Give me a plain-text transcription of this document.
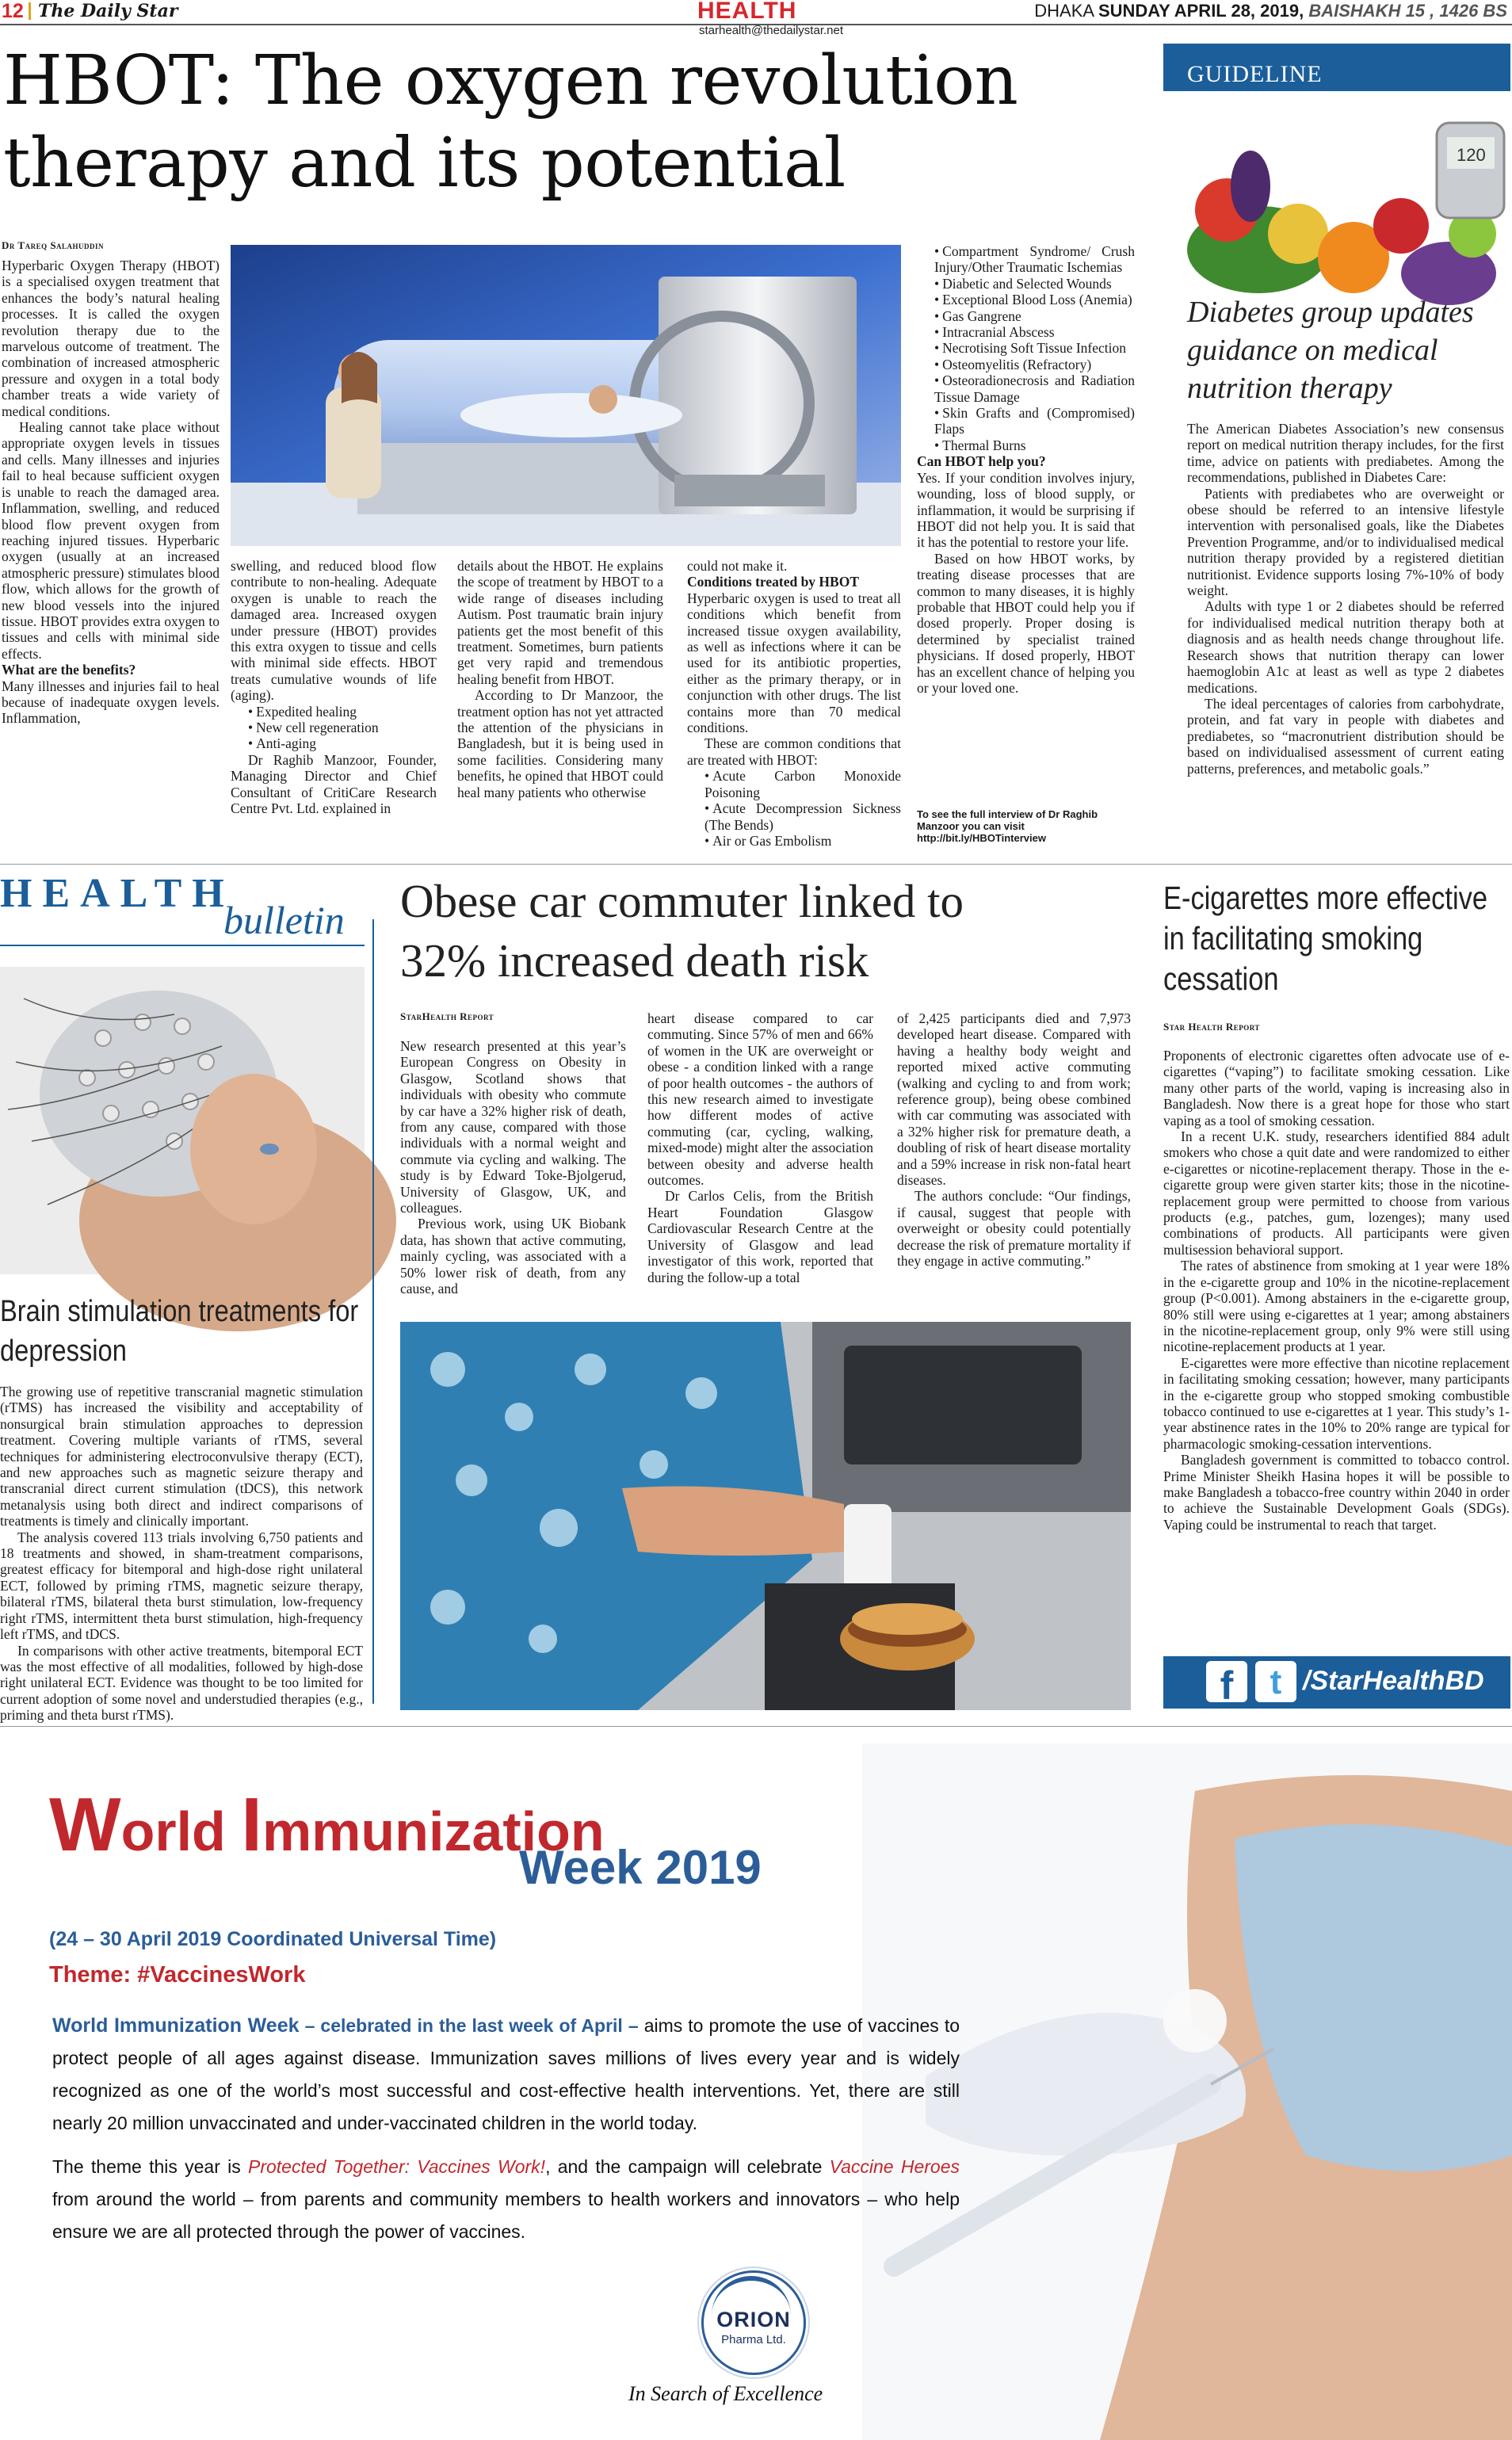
12 The Daily Star	HEALTH
starhealth@thedailystar.net
DHAKA SUNDAY APRIL 28, 2019, BAISHAKH 15 , 1426 BS
HBOT: The oxygen revolution
therapy and its potential
Dr Tareq Salahuddin

Hyperbaric Oxygen Therapy (HBOT) is a specialised oxygen treatment that enhances the body’s natural healing processes. It is called the oxygen revolution therapy due to the marvelous outcome of treatment. The combination of increased atmospheric pressure and oxygen in a total body chamber treats a wide variety of medical conditions.

Healing cannot take place without appropriate oxygen levels in tissues and cells. Many illnesses and injuries fail to heal because sufficient oxygen is unable to reach the damaged area. Inflammation, swelling, and reduced blood flow prevent oxygen from reaching injured tissues. Hyperbaric oxygen (usually at an increased atmospheric pressure) stimulates blood flow, which allows for the growth of new blood vessels into the injured tissue. HBOT provides extra oxygen to tissues and cells with minimal side effects.

What are the benefits?

Many illnesses and injuries fail to heal because of inadequate oxygen levels. Inflammation,

swelling, and reduced blood flow contribute to non-healing. Adequate oxygen is unable to reach the damaged area. Increased oxygen under pressure (HBOT) provides this extra oxygen to tissue and cells with minimal side effects. HBOT treats cumulative wounds of life (aging).

• Expedited healing

• New cell regeneration

• Anti-aging

Dr Raghib Manzoor, Founder, Managing Director and Chief Consultant of CritiCare Research Centre Pvt. Ltd. explained in

details about the HBOT. He explains the scope of treatment by HBOT to a wide range of diseases including Autism. Post traumatic brain injury patients get the most benefit of this treatment. Sometimes, burn patients get very rapid and tremendous healing benefit from HBOT.

According to Dr Manzoor, the treatment option has not yet attracted the attention of the physicians in Bangladesh, but it is being used in some facilities. Considering many benefits, he opined that HBOT could heal many patients who otherwise

could not make it.

Conditions treated by HBOT

Hyperbaric oxygen is used to treat all conditions which benefit from increased tissue oxygen availability, as well as infections where it can be used for its antibiotic properties, either as the primary therapy, or in conjunction with other drugs. The list contains more than 70 medical conditions.

These are common conditions that are treated with HBOT:

• Acute Carbon Monoxide Poisoning

• Acute Decompression Sickness (The Bends)

• Air or Gas Embolism

• Compartment Syndrome/ Crush Injury/Other Traumatic Ischemias

• Diabetic and Selected Wounds

• Exceptional Blood Loss (Anemia)

• Gas Gangrene

• Intracranial Abscess

• Necrotising Soft Tissue Infection

• Osteomyelitis (Refractory)

• Osteoradionecrosis and Radiation Tissue Damage

• Skin Grafts and (Compromised) Flaps

• Thermal Burns

Can HBOT help you?

Yes. If your condition involves injury, wounding, loss of blood supply, or inflammation, it would be surprising if HBOT did not help you. It is said that it has the potential to restore your life.

Based on how HBOT works, by treating disease processes that are common to many diseases, it is highly probable that HBOT could help you if dosed properly. Proper dosing is determined by specialist trained physicians. If dosed properly, HBOT has an excellent chance of helping you or your loved one.

To see the full interview of Dr Raghib
Manzoor you can visit
http://bit.ly/HBOTinterview
GUIDELINE
120
Diabetes group updates guidance on medical nutrition therapy

The American Diabetes Association’s new consensus report on medical nutrition therapy includes, for the first time, advice on patients with prediabetes. Among the recommendations, published in Diabetes Care:

Patients with prediabetes who are overweight or obese should be referred to an intensive lifestyle intervention with personalised goals, like the Diabetes Prevention Programme, and/or to individualised medical nutrition therapy provided by a registered dietitian nutritionist. Evidence supports losing 7%-10% of body weight.

Adults with type 1 or 2 diabetes should be referred for individualised medical nutrition therapy both at diagnosis and as health needs change throughout life. Research shows that nutrition therapy can lower haemoglobin A1c at least as well as type 2 diabetes medications.

The ideal percentages of calories from carbohydrate, protein, and fat vary in people with diabetes and prediabetes, so “macronutrient distribution should be based on individualised assessment of current eating patterns, preferences, and metabolic goals.”

HEALTH
bulletin
Brain stimulation treatments for depression

The growing use of repetitive transcranial magnetic stimulation (rTMS) has increased the visibility and acceptability of nonsurgical brain stimulation approaches to depression treatment. Covering multiple variants of rTMS, several techniques for administering electroconvulsive therapy (ECT), and new approaches such as magnetic seizure therapy and transcranial direct current stimulation (tDCS), this network metanalysis using both direct and indirect comparisons of treatments is timely and clinically important.

The analysis covered 113 trials involving 6,750 patients and 18 treatments and showed, in sham-treatment comparisons, greatest efficacy for bitemporal and high-dose right unilateral ECT, followed by priming rTMS, magnetic seizure therapy, bilateral rTMS, bilateral theta burst stimulation, low-frequency right rTMS, intermittent theta burst stimulation, high-frequency left rTMS, and tDCS.

In comparisons with other active treatments, bitemporal ECT was the most effective of all modalities, followed by high-dose right unilateral ECT. Evidence was thought to be too limited for current adoption of some novel and understudied therapies (e.g., priming and theta burst rTMS).

Obese car commuter linked to
32% increased death risk
StarHealth Report

New research presented at this year’s European Congress on Obesity in Glasgow, Scotland shows that individuals with obesity who commute by car have a 32% higher risk of death, from any cause, compared with those individuals with a normal weight and commute via cycling and walking. The study is by Edward Toke-Bjolgerud, University of Glasgow, UK, and colleagues.

Previous work, using UK Biobank data, has shown that active commuting, mainly cycling, was associated with a 50% lower risk of death, from any cause, and

heart disease compared to car commuting. Since 57% of men and 66% of women in the UK are overweight or obese - a condition linked with a range of poor health outcomes - the authors of this new research aimed to investigate how different modes of active commuting (car, cycling, walking, mixed-mode) might alter the association between obesity and adverse health outcomes.

Dr Carlos Celis, from the British Heart Foundation Glasgow Cardiovascular Research Centre at the University of Glasgow and lead investigator of this work, reported that during the follow-up a total

of 2,425 participants died and 7,973 developed heart disease. Compared with having a healthy body weight and reported mixed active commuting (walking and cycling to and from work; reference group), being obese combined with car commuting was associated with a 32% higher risk for premature death, a doubling of risk of heart disease mortality and a 59% increase in risk non-fatal heart diseases.

The authors conclude: “Our findings, if causal, suggest that people with overweight or obesity could potentially decrease the risk of premature mortality if they engage in active commuting.”

E-cigarettes more effective in facilitating smoking cessation
Star Health Report

Proponents of electronic cigarettes often advocate use of e-cigarettes (“vaping”) to facilitate smoking cessation. Like many other parts of the world, vaping is increasing also in Bangladesh. Now there is a great hope for those who start vaping as a tool of smoking cessation.

In a recent U.K. study, researchers identified 884 adult smokers who chose a quit date and were randomized to either e-cigarettes or nicotine-replacement therapy. Those in the e-cigarette group were given starter kits; those in the nicotine-replacement group were permitted to choose from various products (e.g., patches, gum, lozenges); many used combinations of products. All participants were given multisession behavioral support.

The rates of abstinence from smoking at 1 year were 18% in the e-cigarette group and 10% in the nicotine-replacement group (P<0.001). Among abstainers in the e-cigarette group, 80% still were using e-cigarettes at 1 year; among abstainers in the nicotine-replacement group, only 9% were still using nicotine-replacement products at 1 year.

E-cigarettes were more effective than nicotine replacement in facilitating smoking cessation; however, many participants in the e-cigarette group who stopped smoking combustible tobacco continued to use e-cigarettes at 1 year. This study’s 1-year abstinence rates in the 10% to 20% range are typical for pharmacologic smoking-cessation interventions.

Bangladesh government is committed to tobacco control. Prime Minister Sheikh Hasina hopes it will be possible to make Bangladesh a tobacco-free country within 2040 in order to achieve the Sustainable Development Goals (SDGs). Vaping could be instrumental to reach that target.

f	t /StarHealthBD
World Immunization
Week 2019
(24 – 30 April 2019 Coordinated Universal Time)
Theme: #VaccinesWork
World Immunization Week – celebrated in the last week of April – aims to promote the use of vaccines to protect people of all ages against disease. Immunization saves millions of lives every year and is widely recognized as one of the world’s most successful and cost-effective health interventions. Yet, there are still nearly 20 million unvaccinated and under-vaccinated children in the world today.
The theme this year is Protected Together: Vaccines Work!, and the campaign will celebrate Vaccine Heroes from around the world – from parents and community members to health workers and innovators – who help ensure we are all protected through the power of vaccines.
ORION
Pharma Ltd.
In Search of Excellence
